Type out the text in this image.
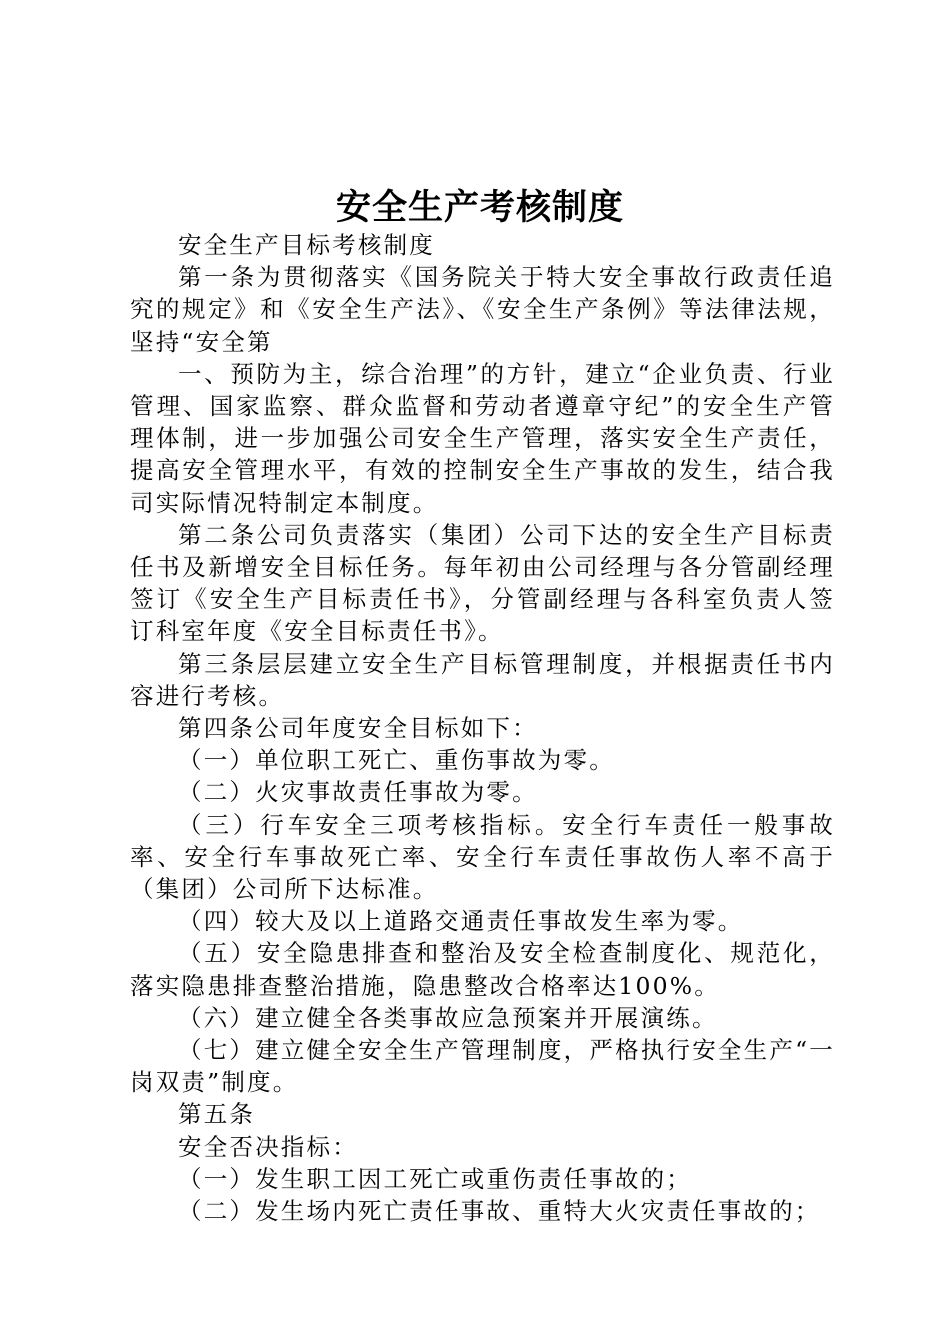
安全生产考核制度

安全生产目标考核制度

第一条为贯彻落实《国务院关于特大安全事故行政责任追究的规定》和《安全生产法》、《安全生产条例》等法律法规，坚持“安全第

一、预防为主，综合治理”的方针，建立“企业负责、行业管理、国家监察、群众监督和劳动者遵章守纪”的安全生产管理体制，进一步加强公司安全生产管理，落实安全生产责任，提高安全管理水平，有效的控制安全生产事故的发生，结合我司实际情况特制定本制度。

第二条公司负责落实（集团）公司下达的安全生产目标责任书及新增安全目标任务。每年初由公司经理与各分管副经理签订《安全生产目标责任书》，分管副经理与各科室负责人签订科室年度《安全目标责任书》。

第三条层层建立安全生产目标管理制度，并根据责任书内容进行考核。

第四条公司年度安全目标如下：

（一）单位职工死亡、重伤事故为零。

（二）火灾事故责任事故为零。

（三）行车安全三项考核指标。安全行车责任一般事故率、安全行车事故死亡率、安全行车责任事故伤人率不高于（集团）公司所下达标准。

（四）较大及以上道路交通责任事故发生率为零。

（五）安全隐患排查和整治及安全检查制度化、规范化，落实隐患排查整治措施，隐患整改合格率达100%。

（六）建立健全各类事故应急预案并开展演练。

（七）建立健全安全生产管理制度，严格执行安全生产“一岗双责”制度。

第五条

安全否决指标：

（一）发生职工因工死亡或重伤责任事故的；

（二）发生场内死亡责任事故、重特大火灾责任事故的；
